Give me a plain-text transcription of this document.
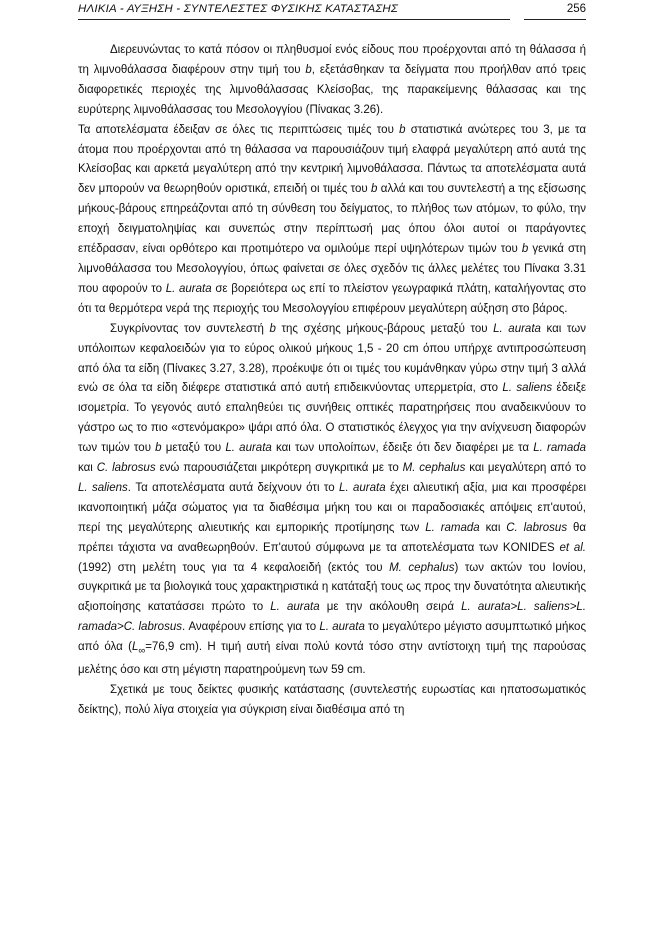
ΗΛΙΚΙΑ - ΑΥΞΗΣΗ - ΣΥΝΤΕΛΕΣΤΕΣ ΦΥΣΙΚΗΣ ΚΑΤΑΣΤΑΣΗΣ	256

Διερευνώντας το κατά πόσον οι πληθυσμοί ενός είδους που προέρχονται από τη θάλασσα ή τη λιμνοθάλασσα διαφέρουν στην τιμή του b, εξετάσθηκαν τα δείγματα που προήλθαν από τρεις διαφορετικές περιοχές της λιμνοθάλασσας Κλείσοβας, της παρακείμενης θάλασσας και της ευρύτερης λιμνοθάλασσας του Μεσολογγίου (Πίνακας 3.26).

Τα αποτελέσματα έδειξαν σε όλες τις περιπτώσεις τιμές του b στατιστικά ανώτερες του 3, με τα άτομα που προέρχονται από τη θάλασσα να παρουσιάζουν τιμή ελαφρά μεγαλύτερη από αυτά της Κλείσοβας και αρκετά μεγαλύτερη από την κεντρική λιμνοθάλασσα. Πάντως τα αποτελέσματα αυτά δεν μπορούν να θεωρηθούν οριστικά, επειδή οι τιμές του b αλλά και του συντελεστή a της εξίσωσης μήκους-βάρους επηρεάζονται από τη σύνθεση του δείγματος, το πλήθος των ατόμων, το φύλο, την εποχή δειγματοληψίας και συνεπώς στην περίπτωσή μας όπου όλοι αυτοί οι παράγοντες επέδρασαν, είναι ορθότερο και προτιμότερο να ομιλούμε περί υψηλότερων τιμών του b γενικά στη λιμνοθάλασσα του Μεσολογγίου, όπως φαίνεται σε όλες σχεδόν τις άλλες μελέτες του Πίνακα 3.31 που αφορούν το L. aurata σε βορειότερα ως επί το πλείστον γεωγραφικά πλάτη, καταλήγοντας στο ότι τα θερμότερα νερά της περιοχής του Μεσολογγίου επιφέρουν μεγαλύτερη αύξηση στο βάρος.

Συγκρίνοντας τον συντελεστή b της σχέσης μήκους-βάρους μεταξύ του L. aurata και των υπόλοιπων κεφαλοειδών για το εύρος ολικού μήκους 1,5 - 20 cm όπου υπήρχε αντιπροσώπευση από όλα τα είδη (Πίνακες 3.27, 3.28), προέκυψε ότι οι τιμές του κυμάνθηκαν γύρω στην τιμή 3 αλλά ενώ σε όλα τα είδη διέφερε στατιστικά από αυτή επιδεικνύοντας υπερμετρία, στο L. saliens έδειξε ισομετρία. Το γεγονός αυτό επαληθεύει τις συνήθεις οπτικές παρατηρήσεις που αναδεικνύουν το γάστρο ως το πιο «στενόμακρο» ψάρι από όλα. Ο στατιστικός έλεγχος για την ανίχνευση διαφορών των τιμών του b μεταξύ του L. aurata και των υπολοίπων, έδειξε ότι δεν διαφέρει με τα L. ramada και C. labrosus ενώ παρουσιάζεται μικρότερη συγκριτικά με το M. cephalus και μεγαλύτερη από το L. saliens. Τα αποτελέσματα αυτά δείχνουν ότι το L. aurata έχει αλιευτική αξία, μια και προσφέρει ικανοποιητική μάζα σώματος για τα διαθέσιμα μήκη του και οι παραδοσιακές απόψεις επ'αυτού, περί της μεγαλύτερης αλιευτικής και εμπορικής προτίμησης των L. ramada και C. labrosus θα πρέπει τάχιστα να αναθεωρηθούν. Επ'αυτού σύμφωνα με τα αποτελέσματα των KONIDES et al. (1992) στη μελέτη τους για τα 4 κεφαλοειδή (εκτός του M. cephalus) των ακτών του Ιονίου, συγκριτικά με τα βιολογικά τους χαρακτηριστικά η κατάταξή τους ως προς την δυνατότητα αλιευτικής αξιοποίησης κατατάσσει πρώτο το L. aurata με την ακόλουθη σειρά L. aurata>L. saliens>L. ramada>C. labrosus. Αναφέρουν επίσης για το L. aurata το μεγαλύτερο μέγιστο ασυμπτωτικό μήκος από όλα ($L_\infty=76,9$ cm). Η τιμή αυτή είναι πολύ κοντά τόσο στην αντίστοιχη τιμή της παρούσας μελέτης όσο και στη μέγιστη παρατηρούμενη των 59 cm.

Σχετικά με τους δείκτες φυσικής κατάστασης (συντελεστής ευρωστίας και ηπατοσωματικός δείκτης), πολύ λίγα στοιχεία για σύγκριση είναι διαθέσιμα από τη
